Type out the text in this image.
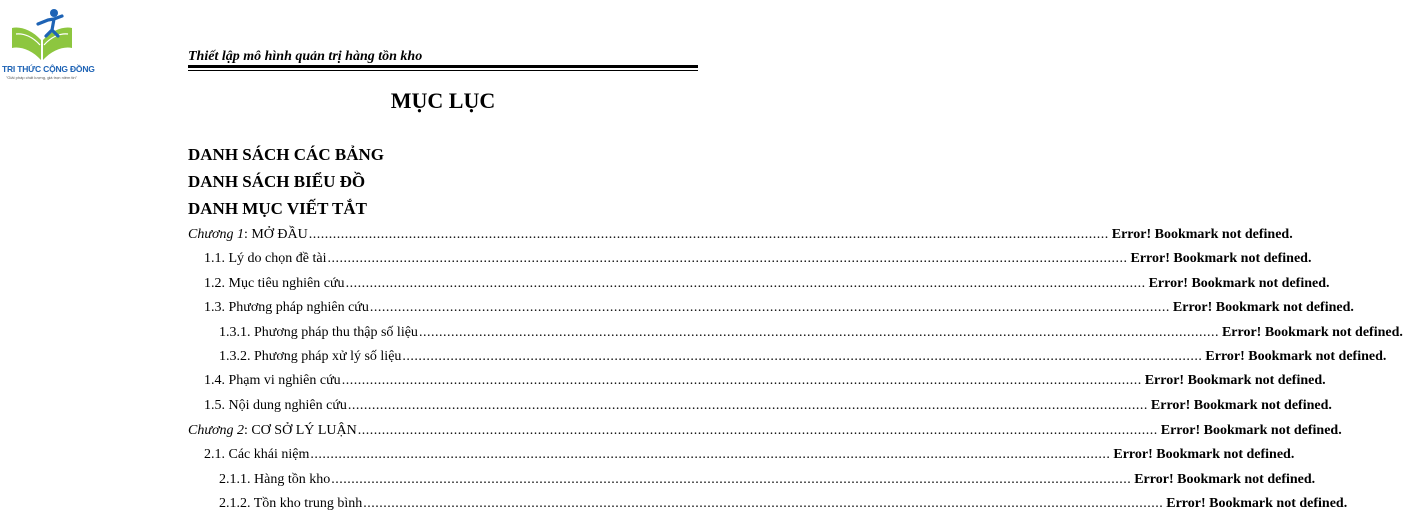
TRI THỨC CỘNG ĐỒNG
"Giải pháp chất lượng, giá trọn niềm tin"
Thiết lập mô hình quản trị hàng tồn kho
MỤC LỤC
DANH SÁCH CÁC BẢNG
DANH SÁCH BIỂU ĐỒ
DANH MỤC VIẾT TẮT
Chương 1: MỞ ĐẦU ........................................................................................................................................................................................................ Error! Bookmark not defined.
1.1. Lý do chọn đề tài ........................................................................................................................................................................................................ Error! Bookmark not defined.
1.2. Mục tiêu nghiên cứu ........................................................................................................................................................................................................ Error! Bookmark not defined.
1.3. Phương pháp nghiên cứu ........................................................................................................................................................................................................ Error! Bookmark not defined.
1.3.1. Phương pháp thu thập số liệu ........................................................................................................................................................................................................ Error! Bookmark not defined.
1.3.2. Phương pháp xử lý số liệu ........................................................................................................................................................................................................ Error! Bookmark not defined.
1.4. Phạm vi nghiên cứu ........................................................................................................................................................................................................ Error! Bookmark not defined.
1.5. Nội dung nghiên cứu ........................................................................................................................................................................................................ Error! Bookmark not defined.
Chương 2: CƠ SỞ LÝ LUẬN ........................................................................................................................................................................................................ Error! Bookmark not defined.
2.1. Các khái niệm ........................................................................................................................................................................................................ Error! Bookmark not defined.
2.1.1. Hàng tồn kho ........................................................................................................................................................................................................ Error! Bookmark not defined.
2.1.2. Tồn kho trung bình ........................................................................................................................................................................................................ Error! Bookmark not defined.
